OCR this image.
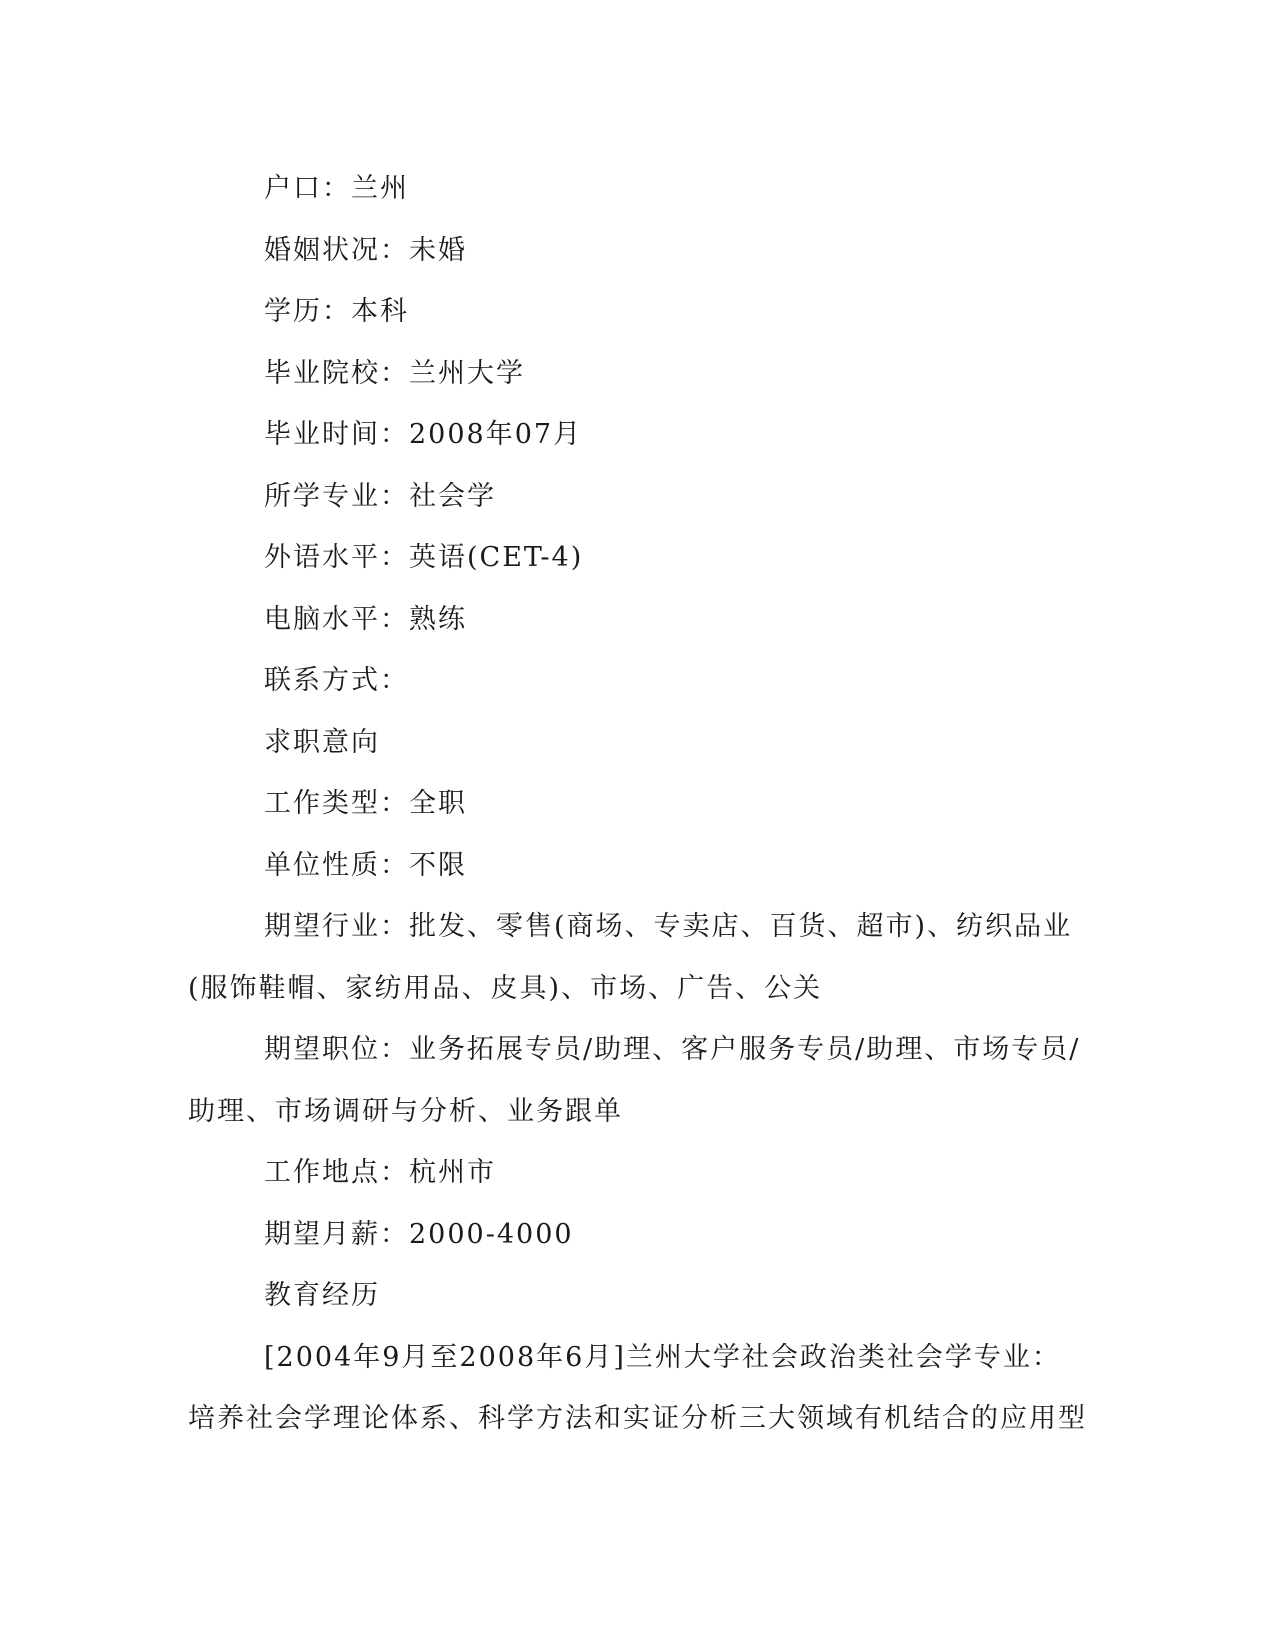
户口：兰州

婚姻状况：未婚

学历：本科

毕业院校：兰州大学

毕业时间：2008年07月

所学专业：社会学

外语水平：英语(CET-4)

电脑水平：熟练

联系方式：

求职意向

工作类型：全职

单位性质：不限

期望行业：批发、零售(商场、专卖店、百货、超市)、纺织品业(服饰鞋帽、家纺用品、皮具)、市场、广告、公关

期望职位：业务拓展专员/助理、客户服务专员/助理、市场专员/助理、市场调研与分析、业务跟单

工作地点：杭州市

期望月薪：2000-4000

教育经历

[2004年9月至2008年6月]兰州大学社会政治类社会学专业：培养社会学理论体系、科学方法和实证分析三大领域有机结合的应用型
